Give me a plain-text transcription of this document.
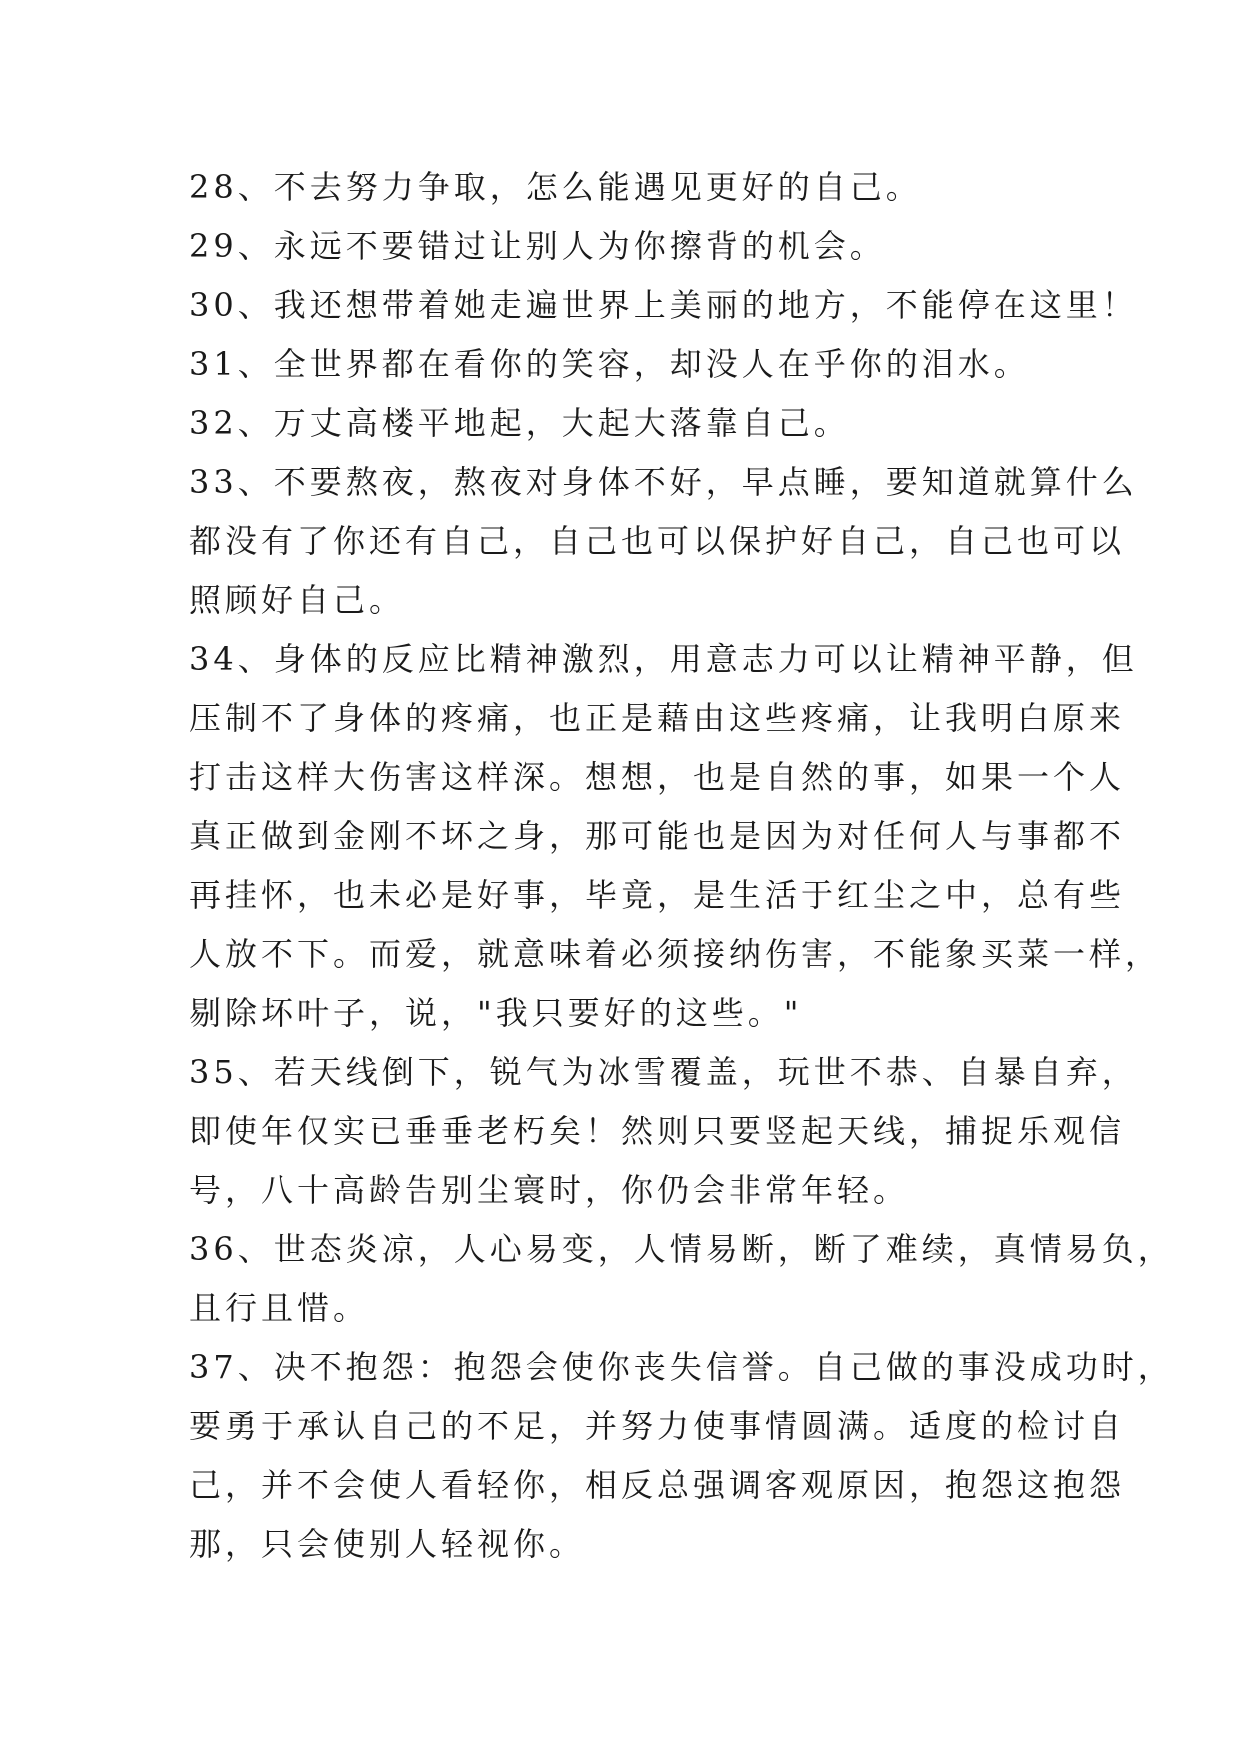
28、不去努力争取，怎么能遇见更好的自己。

29、永远不要错过让别人为你擦背的机会。

30、我还想带着她走遍世界上美丽的地方，不能停在这里！

31、全世界都在看你的笑容，却没人在乎你的泪水。

32、万丈高楼平地起，大起大落靠自己。

33、不要熬夜，熬夜对身体不好，早点睡，要知道就算什么

都没有了你还有自己，自己也可以保护好自己，自己也可以

照顾好自己。

34、身体的反应比精神激烈，用意志力可以让精神平静，但

压制不了身体的疼痛，也正是藉由这些疼痛，让我明白原来

打击这样大伤害这样深。想想，也是自然的事，如果一个人

真正做到金刚不坏之身，那可能也是因为对任何人与事都不

再挂怀，也未必是好事，毕竟，是生活于红尘之中，总有些

人放不下。而爱，就意味着必须接纳伤害，不能象买菜一样，

剔除坏叶子，说，"我只要好的这些。"

35、若天线倒下，锐气为冰雪覆盖，玩世不恭、自暴自弃，

即使年仅实已垂垂老朽矣！然则只要竖起天线，捕捉乐观信

号，八十高龄告别尘寰时，你仍会非常年轻。

36、世态炎凉，人心易变，人情易断，断了难续，真情易负，

且行且惜。

37、决不抱怨：抱怨会使你丧失信誉。自己做的事没成功时，

要勇于承认自己的不足，并努力使事情圆满。适度的检讨自

己，并不会使人看轻你，相反总强调客观原因，抱怨这抱怨

那，只会使别人轻视你。
